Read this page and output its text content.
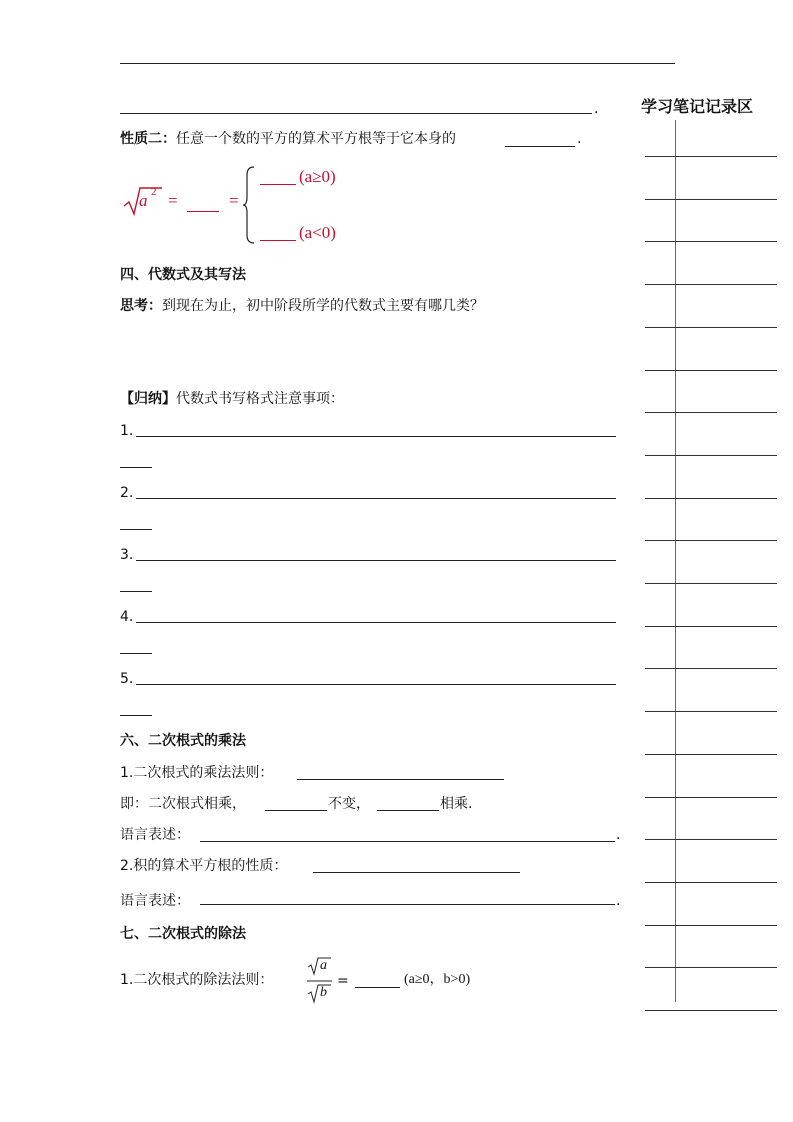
.	学习笔记记录区
性质二：任意一个数的平方的算术平方根等于它本身的	.
a 2 =	=
(a≥0)
(a<0)
四、代数式及其写法
思考：到现在为止，初中阶段所学的代数式主要有哪几类？
【归纳】代数式书写格式注意事项：
1.
2.
3.
4.
5.
六、二次根式的乘法
1.二次根式的乘法法则：
即：二次根式相乘，	不变，	相乘.
语言表述：	.
2.积的算术平方根的性质：
语言表述：	.
七、二次根式的除法
1.二次根式的除法法则：
a
b
=	(a≥0，b>0)
